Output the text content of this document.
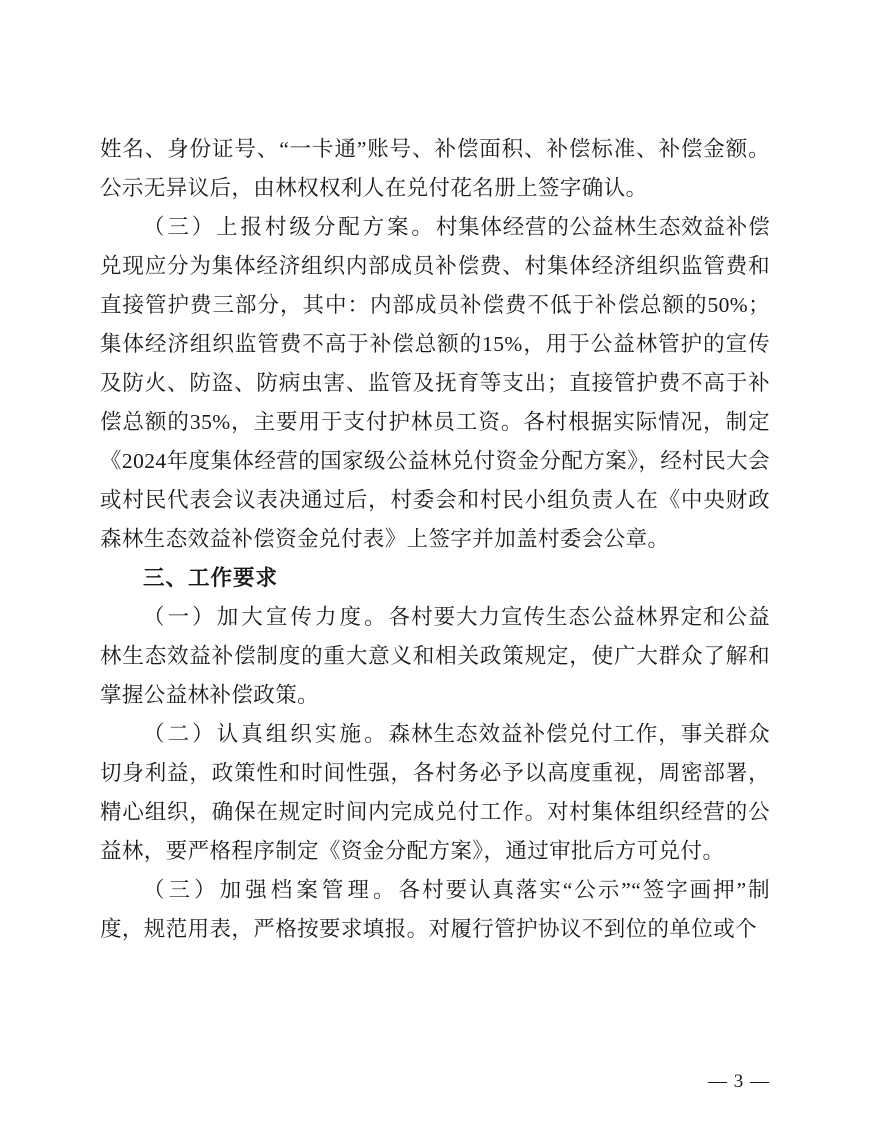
姓名、身份证号、“一卡通”账号、补偿面积、补偿标准、补偿金额。公示无异议后，由林权权利人在兑付花名册上签字确认。

（三）上报村级分配方案。村集体经营的公益林生态效益补偿兑现应分为集体经济组织内部成员补偿费、村集体经济组织监管费和直接管护费三部分，其中：内部成员补偿费不低于补偿总额的50%；集体经济组织监管费不高于补偿总额的15%，用于公益林管护的宣传及防火、防盗、防病虫害、监管及抚育等支出；直接管护费不高于补偿总额的35%，主要用于支付护林员工资。各村根据实际情况，制定《2024年度集体经营的国家级公益林兑付资金分配方案》，经村民大会或村民代表会议表决通过后，村委会和村民小组负责人在《中央财政森林生态效益补偿资金兑付表》上签字并加盖村委会公章。

三、工作要求

（一）加大宣传力度。各村要大力宣传生态公益林界定和公益林生态效益补偿制度的重大意义和相关政策规定，使广大群众了解和掌握公益林补偿政策。

（二）认真组织实施。森林生态效益补偿兑付工作，事关群众切身利益，政策性和时间性强，各村务必予以高度重视，周密部署，精心组织，确保在规定时间内完成兑付工作。对村集体组织经营的公益林，要严格程序制定《资金分配方案》，通过审批后方可兑付。

（三）加强档案管理。各村要认真落实“公示”“签字画押”制度，规范用表，严格按要求填报。对履行管护协议不到位的单位或个

— 3 —
